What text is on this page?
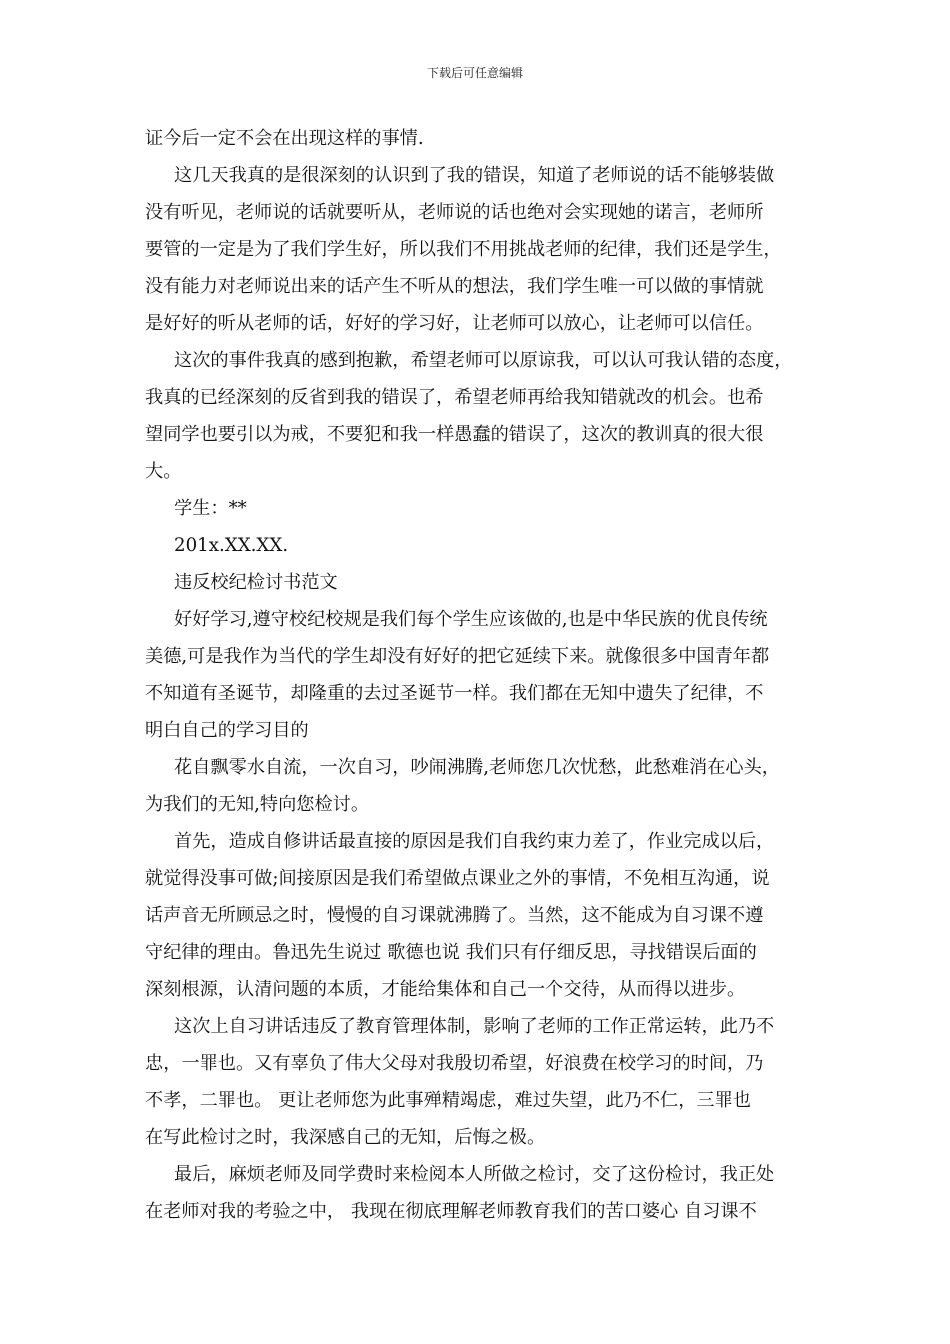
下载后可任意编辑
证今后一定不会在出现这样的事情.
这几天我真的是很深刻的认识到了我的错误，知道了老师说的话不能够装做
没有听见，老师说的话就要听从，老师说的话也绝对会实现她的诺言，老师所
要管的一定是为了我们学生好，所以我们不用挑战老师的纪律，我们还是学生，
没有能力对老师说出来的话产生不听从的想法，我们学生唯一可以做的事情就
是好好的听从老师的话，好好的学习好，让老师可以放心，让老师可以信任。
这次的事件我真的感到抱歉，希望老师可以原谅我，可以认可我认错的态度，
我真的已经深刻的反省到我的错误了，希望老师再给我知错就改的机会。也希
望同学也要引以为戒，不要犯和我一样愚蠢的错误了，这次的教训真的很大很
大。
学生：**
201x.XX.XX.
违反校纪检讨书范文
好好学习,遵守校纪校规是我们每个学生应该做的,也是中华民族的优良传统
美德,可是我作为当代的学生却没有好好的把它延续下来。就像很多中国青年都
不知道有圣诞节，却隆重的去过圣诞节一样。我们都在无知中遗失了纪律，不
明白自己的学习目的
花自飘零水自流，一次自习，吵闹沸腾,老师您几次忧愁，此愁难消在心头，
为我们的无知,特向您检讨。
首先，造成自修讲话最直接的原因是我们自我约束力差了，作业完成以后，
就觉得没事可做;间接原因是我们希望做点课业之外的事情，不免相互沟通，说
话声音无所顾忌之时，慢慢的自习课就沸腾了。当然，这不能成为自习课不遵
守纪律的理由。鲁迅先生说过 歌德也说 我们只有仔细反思，寻找错误后面的
深刻根源，认清问题的本质，才能给集体和自己一个交待，从而得以进步。
这次上自习讲话违反了教育管理体制，影响了老师的工作正常运转，此乃不
忠，一罪也。又有辜负了伟大父母对我殷切希望，好浪费在校学习的时间，乃
不孝，二罪也。 更让老师您为此事殚精竭虑，难过失望，此乃不仁，三罪也
在写此检讨之时，我深感自己的无知，后悔之极。
最后，麻烦老师及同学费时来检阅本人所做之检讨，交了这份检讨，我正处
在老师对我的考验之中， 我现在彻底理解老师教育我们的苦口婆心 自习课不
